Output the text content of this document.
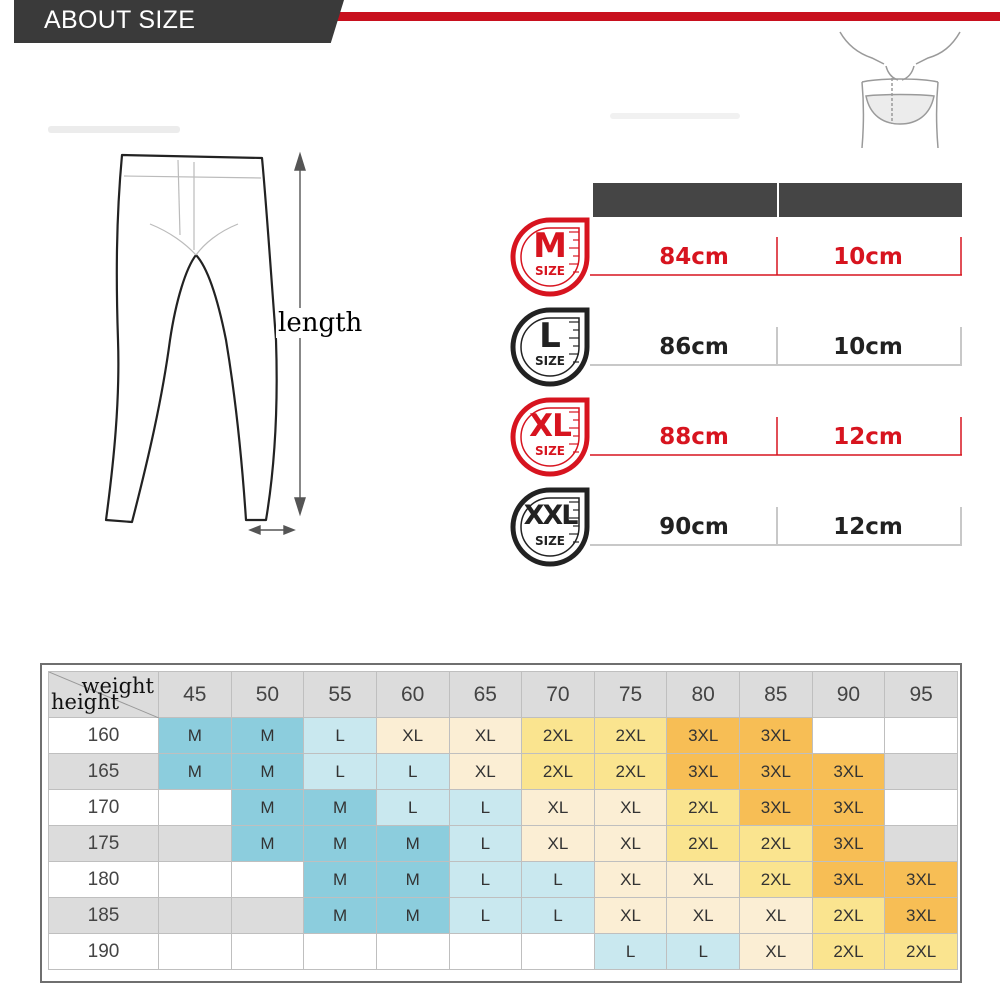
ABOUT SIZE
length
M
SIZE
84cm	10cm
L
SIZE
86cm	10cm
XL
SIZE
88cm	12cm
XXL
SIZE
90cm	12cm
weight
height	45	50	55	60	65	70	75	80	85	90	95
160	M	M	L	XL	XL	2XL	2XL	3XL	3XL		
165	M	M	L	L	XL	2XL	2XL	3XL	3XL	3XL	
170		M	M	L	L	XL	XL	2XL	3XL	3XL	
175		M	M	M	L	XL	XL	2XL	2XL	3XL	
180			M	M	L	L	XL	XL	2XL	3XL	3XL
185			M	M	L	L	XL	XL	XL	2XL	3XL
190							L	L	XL	2XL	2XL
